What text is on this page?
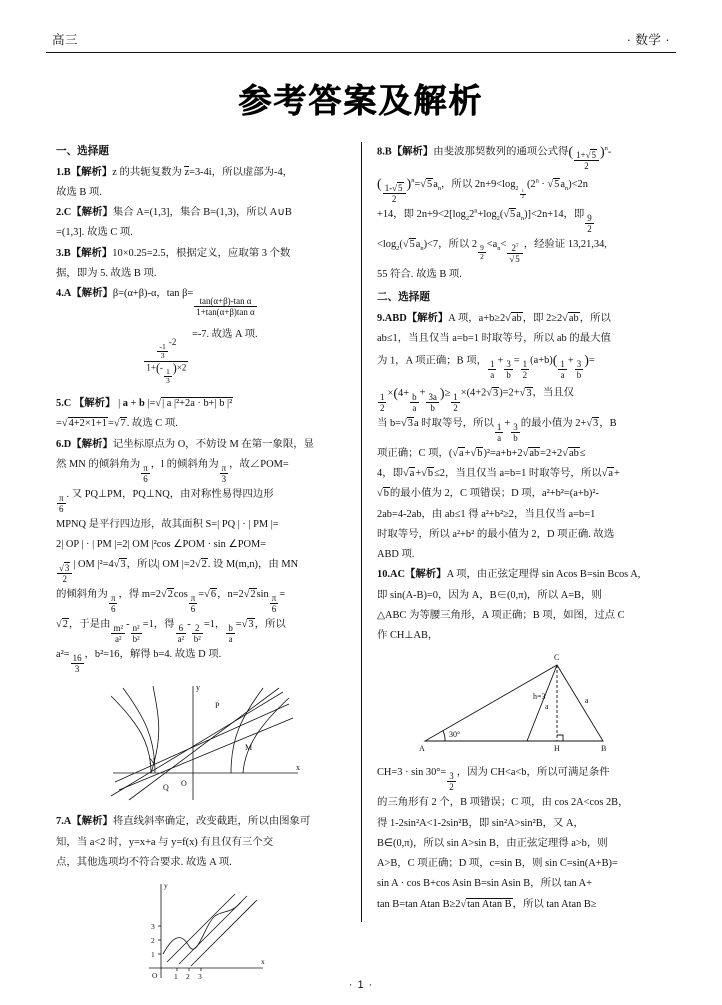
高三	· 数学 ·
参考答案及解析
一、选择题
1.B【解析】z 的共轭复数为 z=3-4i，所以虚部为-4，
故选 B 项.
2.C【解析】集合 A=(1,3]，集合 B=(1,3)，所以 A∪B
=(1,3]. 故选 C 项.
3.B【解析】10×0.25=2.5，根据定义，应取第 3 个数
据，即为 5. 故选 B 项.
4.A【解析】β=(α+β)-α，tan β=
$\frac{\text{tan(α+β)-tan α}}{\text{1+tan(α+β)tan α}}$
$\frac{-1}{3}$
-2
1+(-
$\frac{1}{3}$
)×2
=-7. 故选 A 项.
5.C 【解析】 | a + b |=√| a |²+2a · b+| b |²
=√4+2×1+1=√7. 故选 C 项.
6.D【解析】记坐标原点为 O，不妨设 M 在第一象限，显
然 MN 的倾斜角为 $\frac{\pi}{6}$ ，l 的倾斜角为 $\frac{\pi}{3}$ ，故∠POM=
$\frac{\pi}{6}$ . 又 PQ⊥PM，PQ⊥NQ，由对称性易得四边形
MPNQ 是平行四边形，故其面积 S=| PQ | · | PM |=
2| OP | · | PM |=2| OM |²cos ∠POM · sin ∠POM=
$\frac{√3}{2}$ | OM |²=4√3，所以| OM |=2√2. 设 M(m,n)，由 MN
的倾斜角为 $\frac{\pi}{6}$ ，得 $m=2√2\cos \frac{\pi}{6} =√6$，$n=2√2\sin \frac{\pi}{6}$ =
√2，于是由 $\frac{\text{m²}}{\text{a²}} - \frac{\text{n²}}{\text{b²}} =1$，得 $\frac{6}{\text{a²}} - \frac{2}{\text{b²}} =1$， $\frac{b}{a} =√3$，所以
$a^2= \frac{16}{3}$ ，b²=16，解得 b=4. 故选 D 项.
P
M
N
Q O
x
y
7.A【解析】将直线斜率确定，改变截距，所以由图象可
知，当 a<2 时，y=x+a 与 y=f(x) 有且仅有三个交
点，其他选项均不符合要求. 故选 A 项.
y
x
O 1 2 3
1
2
3
8.B【解析】由斐波那契数列的通项公式得( $\frac{1+√5}{2} )^n-$
( $\frac{1-√5}{2} )^n=√5a_n$，所以 $2n+9<\log_{2 \frac{1}{2}}$
$(2^n \cdot √5a_n)<2n$
+14，即 $2n+9<2[\log_22^n+\log_2(√5a_n)]<2n+14$，即 $\frac{9}{2}$
$<\log_2(√5a_n)<7$，所以 $2 \frac{9}{2} <a_n< \frac{2^7}{√5}$ ，经验证 13,21,34,
55 符合. 故选 B 项.
二、选择题
9.ABD【解析】A 项，a+b≥2√ab，即 2≥2√ab，所以
ab≤1，当且仅当 a=b=1 时取等号，所以 ab 的最大值
为 1，A 项正确；B 项， $\frac{1}{a} + \frac{3}{b} = \frac{1}{2} (a+b)( \frac{1}{a} + \frac{3}{b}$ )=
$\frac{1}{2} \times(4+ \frac{b}{a} + \frac{3a}{b}$ )≥ $\frac{1}{2} \times(4+2√3)=2+√3$，当且仅
当 b=√3a 时取等号，所以 $\frac{1}{a} + \frac{3}{b}$ 的最小值为 2+√3，B
项正确；C 项，(√a+√b)²=a+b+2√ab=2+2√ab≤
4，即√a+√b≤2，当且仅当 a=b=1 时取等号，所以√a+
√b的最小值为 2，C 项错误；D 项，a²+b²=(a+b)²-
2ab=4-2ab，由 ab≤1 得 a²+b²≥2，当且仅当 a=b=1
时取等号，所以 a²+b² 的最小值为 2，D 项正确. 故选
ABD 项.
10.AC【解析】A 项，由正弦定理得 sin Acos B=sin Bcos A,
即 sin(A-B)=0，因为 A，B∈(0,π)，所以 A=B，则
△ABC 为等腰三角形，A 项正确；B 项，如图，过点 C
作 CH⊥AB，
C
h=3
a
a
30°
A	H	B
$CH=3 \cdot \sin 30^\circ= \frac{3}{2}$ ，因为 CH<a<b，所以可满足条件
的三角形有 2 个，B 项错误；C 项，由 cos 2A<cos 2B，
得 1-2sin²A<1-2sin²B，即 sin²A>sin²B，又 A，
B∈(0,π)，所以 sin A>sin B，由正弦定理得 a>b，则
A>B，C 项正确；D 项，c=sin B，则 sin C=sin(A+B)=
sin A · cos B+cos Asin B=sin Asin B，所以 tan A+
tan B=tan Atan B≥2√tan Atan B，所以 tan Atan B≥
· 1 ·
